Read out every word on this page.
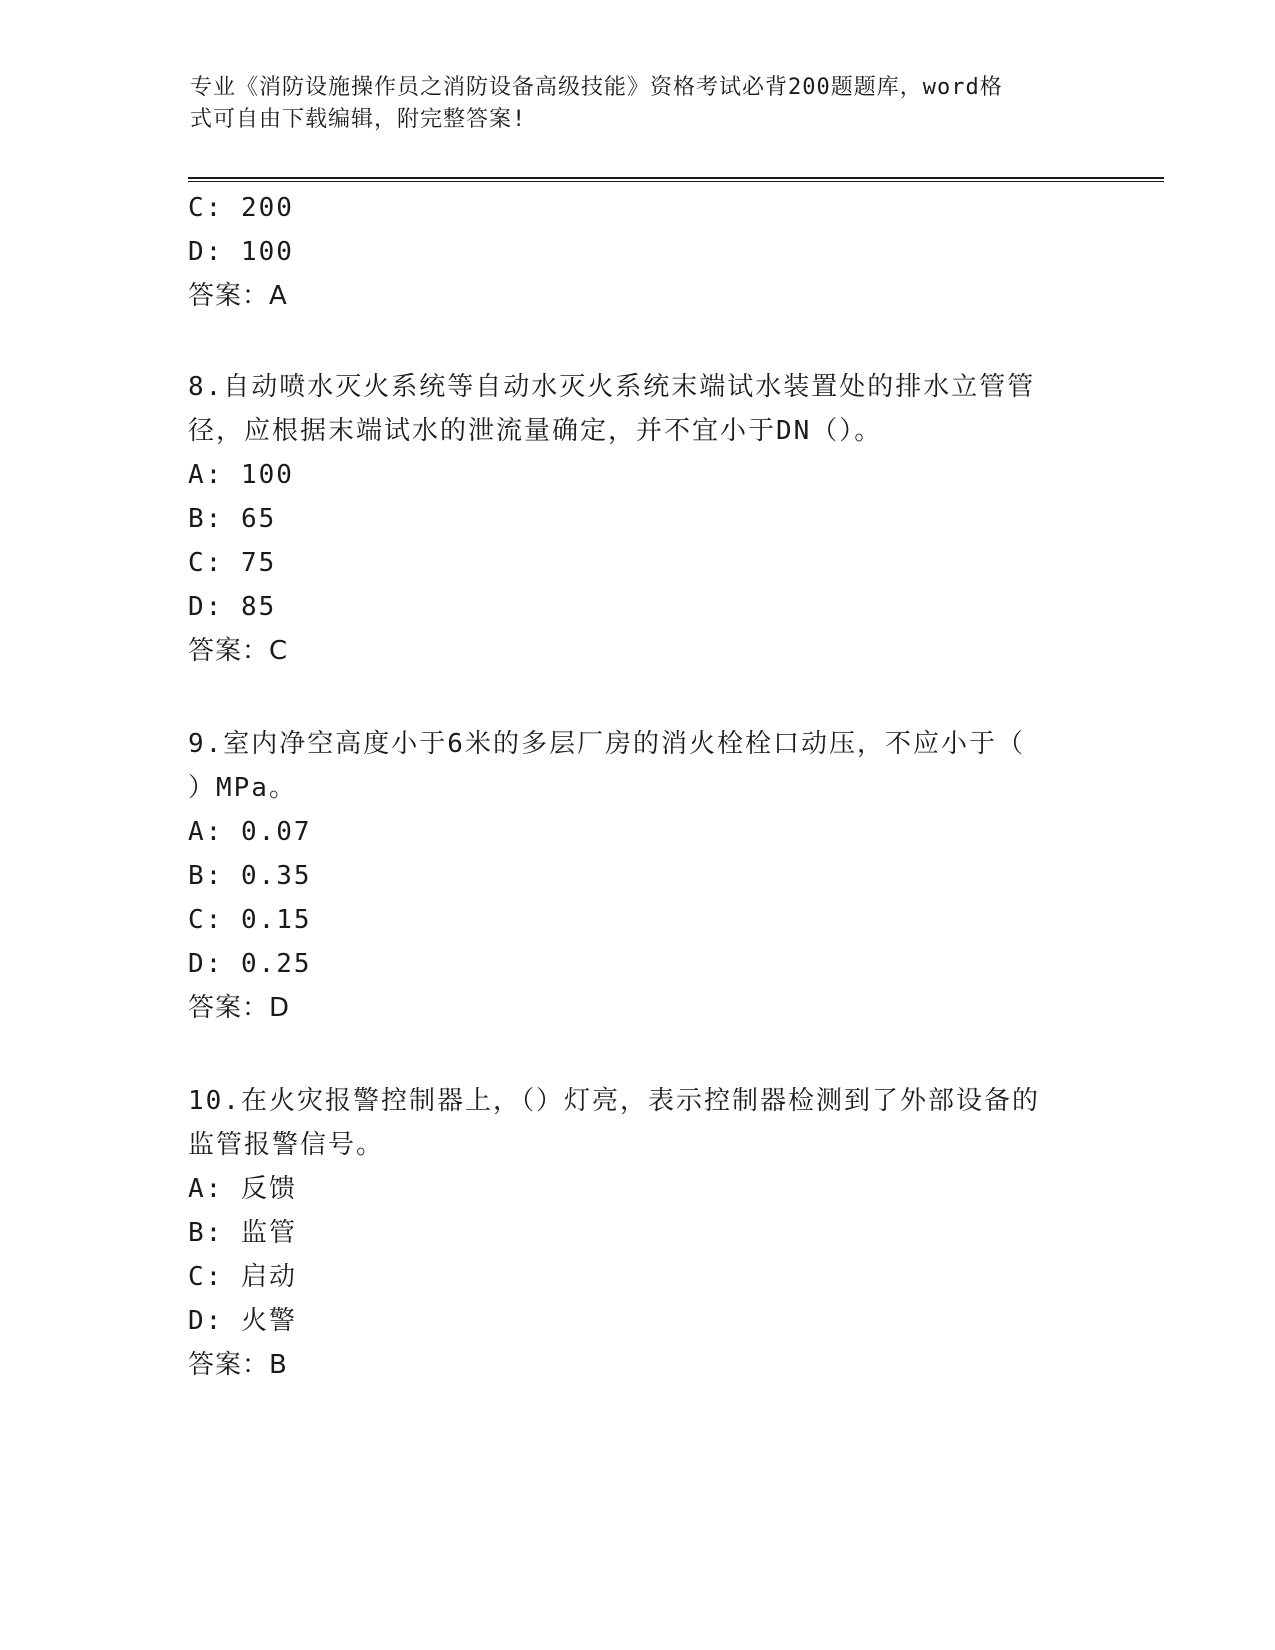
专业《消防设施操作员之消防设备高级技能》资格考试必背200题题库，word格
式可自由下载编辑，附完整答案!
C: 200
D: 100
答案：A
8.自动喷水灭火系统等自动水灭火系统末端试水装置处的排水立管管
径，应根据末端试水的泄流量确定，并不宜小于DN（）。
A: 100
B: 65
C: 75
D: 85
答案：C
9.室内净空高度小于6米的多层厂房的消火栓栓口动压，不应小于（
）MPa。
A: 0.07
B: 0.35
C: 0.15
D: 0.25
答案：D
10.在火灾报警控制器上，（）灯亮，表示控制器检测到了外部设备的
监管报警信号。
A: 反馈
B: 监管
C: 启动
D: 火警
答案：B
